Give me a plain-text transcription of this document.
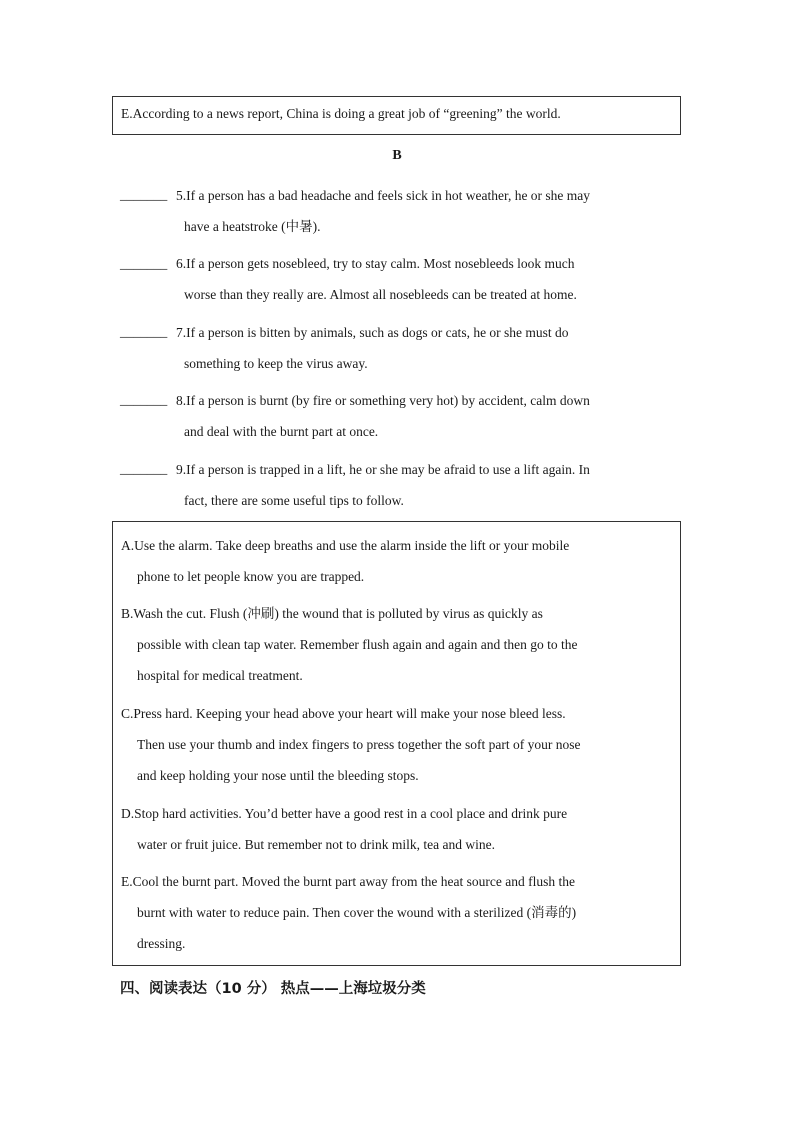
E.According to a news report, China is doing a great job of “greening” the world.
B
_______ 5.If a person has a bad headache and feels sick in hot weather, he or she may
have a heatstroke (中暑).
_______ 6.If a person gets nosebleed, try to stay calm. Most nosebleeds look much
worse than they really are. Almost all nosebleeds can be treated at home.
_______ 7.If a person is bitten by animals, such as dogs or cats, he or she must do
something to keep the virus away.
_______ 8.If a person is burnt (by fire or something very hot) by accident, calm down
and deal with the burnt part at once.
_______ 9.If a person is trapped in a lift, he or she may be afraid to use a lift again. In
fact, there are some useful tips to follow.
A.Use the alarm. Take deep breaths and use the alarm inside the lift or your mobile
phone to let people know you are trapped.
B.Wash the cut. Flush (冲刷) the wound that is polluted by virus as quickly as
possible with clean tap water. Remember flush again and again and then go to the
hospital for medical treatment.
C.Press hard. Keeping your head above your heart will make your nose bleed less.
Then use your thumb and index fingers to press together the soft part of your nose
and keep holding your nose until the bleeding stops.
D.Stop hard activities. You’d better have a good rest in a cool place and drink pure
water or fruit juice. But remember not to drink milk, tea and wine.
E.Cool the burnt part. Moved the burnt part away from the heat source and flush the
burnt with water to reduce pain. Then cover the wound with a sterilized (消毒的)
dressing.
四、阅读表达（10 分） 热点——上海垃圾分类
